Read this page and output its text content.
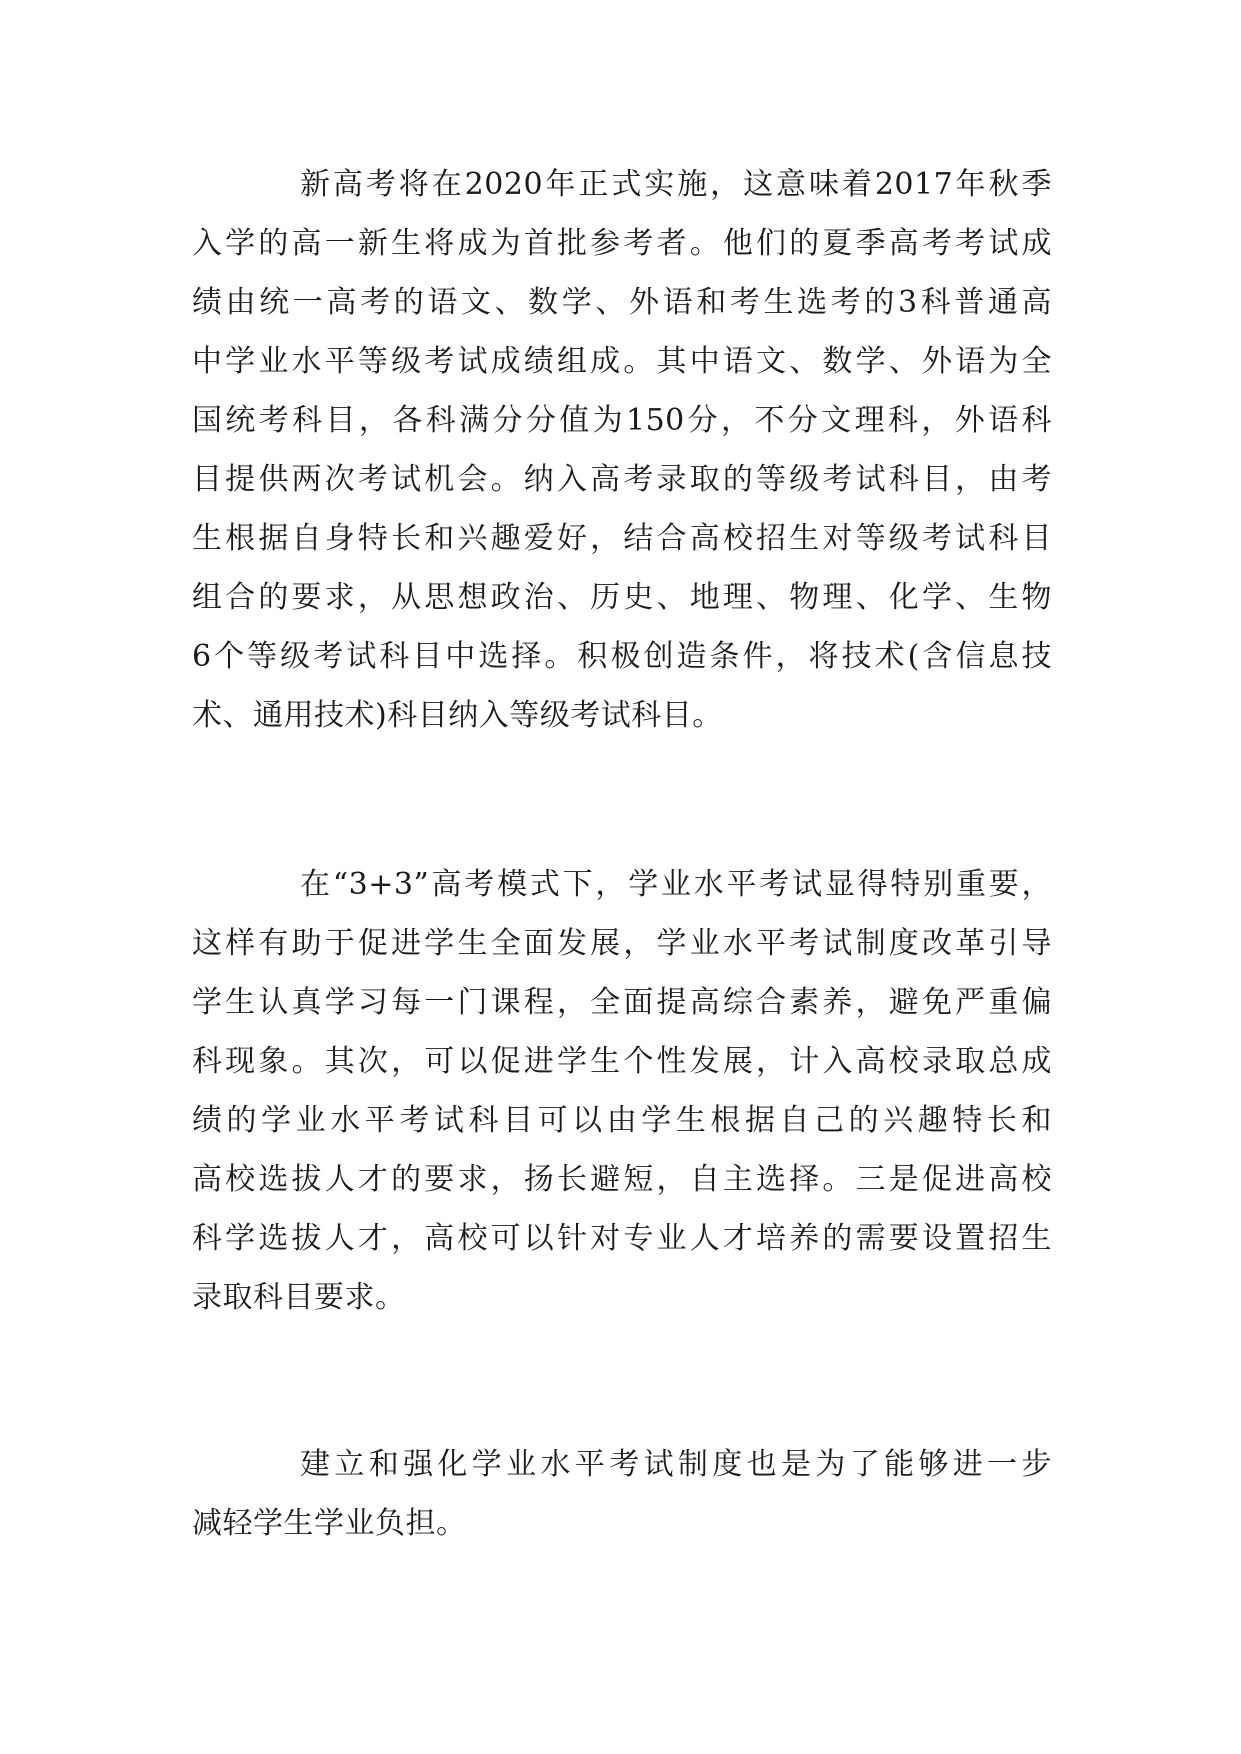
新高考将在2020年正式实施，这意味着2017年秋季
入学的高一新生将成为首批参考者。他们的夏季高考考试成
绩由统一高考的语文、数学、外语和考生选考的3科普通高
中学业水平等级考试成绩组成。其中语文、数学、外语为全
国统考科目，各科满分分值为150分，不分文理科，外语科
目提供两次考试机会。纳入高考录取的等级考试科目，由考
生根据自身特长和兴趣爱好，结合高校招生对等级考试科目
组合的要求，从思想政治、历史、地理、物理、化学、生物
6个等级考试科目中选择。积极创造条件，将技术(含信息技
术、通用技术)科目纳入等级考试科目。
在“3+3”高考模式下，学业水平考试显得特别重要，
这样有助于促进学生全面发展，学业水平考试制度改革引导
学生认真学习每一门课程，全面提高综合素养，避免严重偏
科现象。其次，可以促进学生个性发展，计入高校录取总成
绩的学业水平考试科目可以由学生根据自己的兴趣特长和
高校选拔人才的要求，扬长避短，自主选择。三是促进高校
科学选拔人才，高校可以针对专业人才培养的需要设置招生
录取科目要求。
建立和强化学业水平考试制度也是为了能够进一步
减轻学生学业负担。
